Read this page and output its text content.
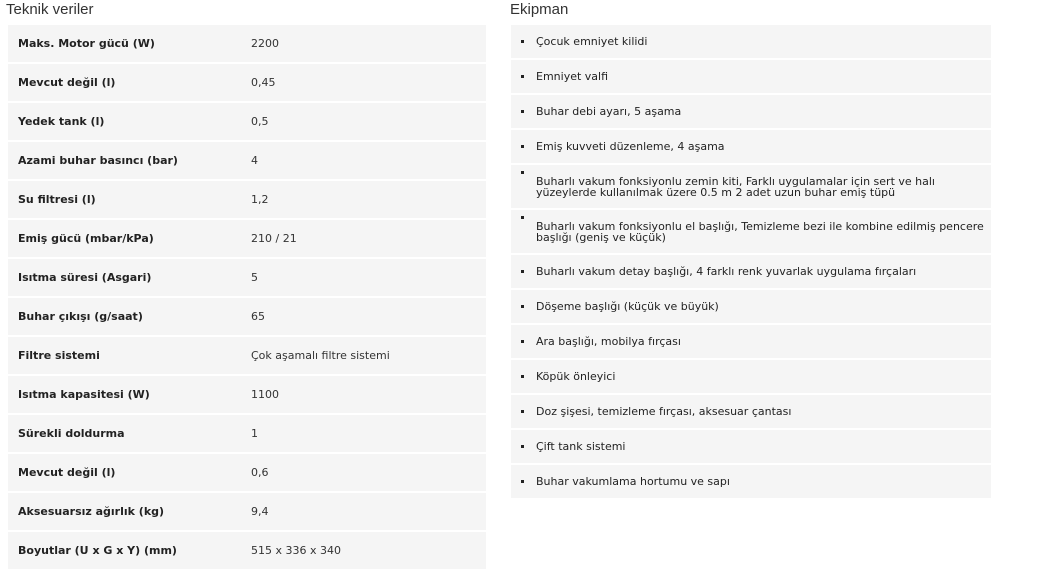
Teknik veriler	Ekipman
Maks. Motor gücü (W)	2200
Mevcut değil (l)	0,45
Yedek tank (l)	0,5
Azami buhar basıncı (bar)	4
Su filtresi (l)	1,2
Emiş gücü (mbar/kPa)	210 / 21
Isıtma süresi (Asgari)	5
Buhar çıkışı (g/saat)	65
Filtre sistemi	Çok aşamalı filtre sistemi
Isıtma kapasitesi (W)	1100
Sürekli doldurma	1
Mevcut değil (l)	0,6
Aksesuarsız ağırlık (kg)	9,4
Boyutlar (U x G x Y) (mm)	515 x 336 x 340
Çocuk emniyet kilidi
Emniyet valfi
Buhar debi ayarı, 5 aşama
Emiş kuvveti düzenleme, 4 aşama
Buharlı vakum fonksiyonlu zemin kiti, Farklı uygulamalar için sert ve halı yüzeylerde kullanılmak üzere 0.5 m 2 adet uzun buhar emiş tüpü
Buharlı vakum fonksiyonlu el başlığı, Temizleme bezi ile kombine edilmiş pencere başlığı (geniş ve küçük)
Buharlı vakum detay başlığı, 4 farklı renk yuvarlak uygulama fırçaları
Döşeme başlığı (küçük ve büyük)
Ara başlığı, mobilya fırçası
Köpük önleyici
Doz şişesi, temizleme fırçası, aksesuar çantası
Çift tank sistemi
Buhar vakumlama hortumu ve sapı
